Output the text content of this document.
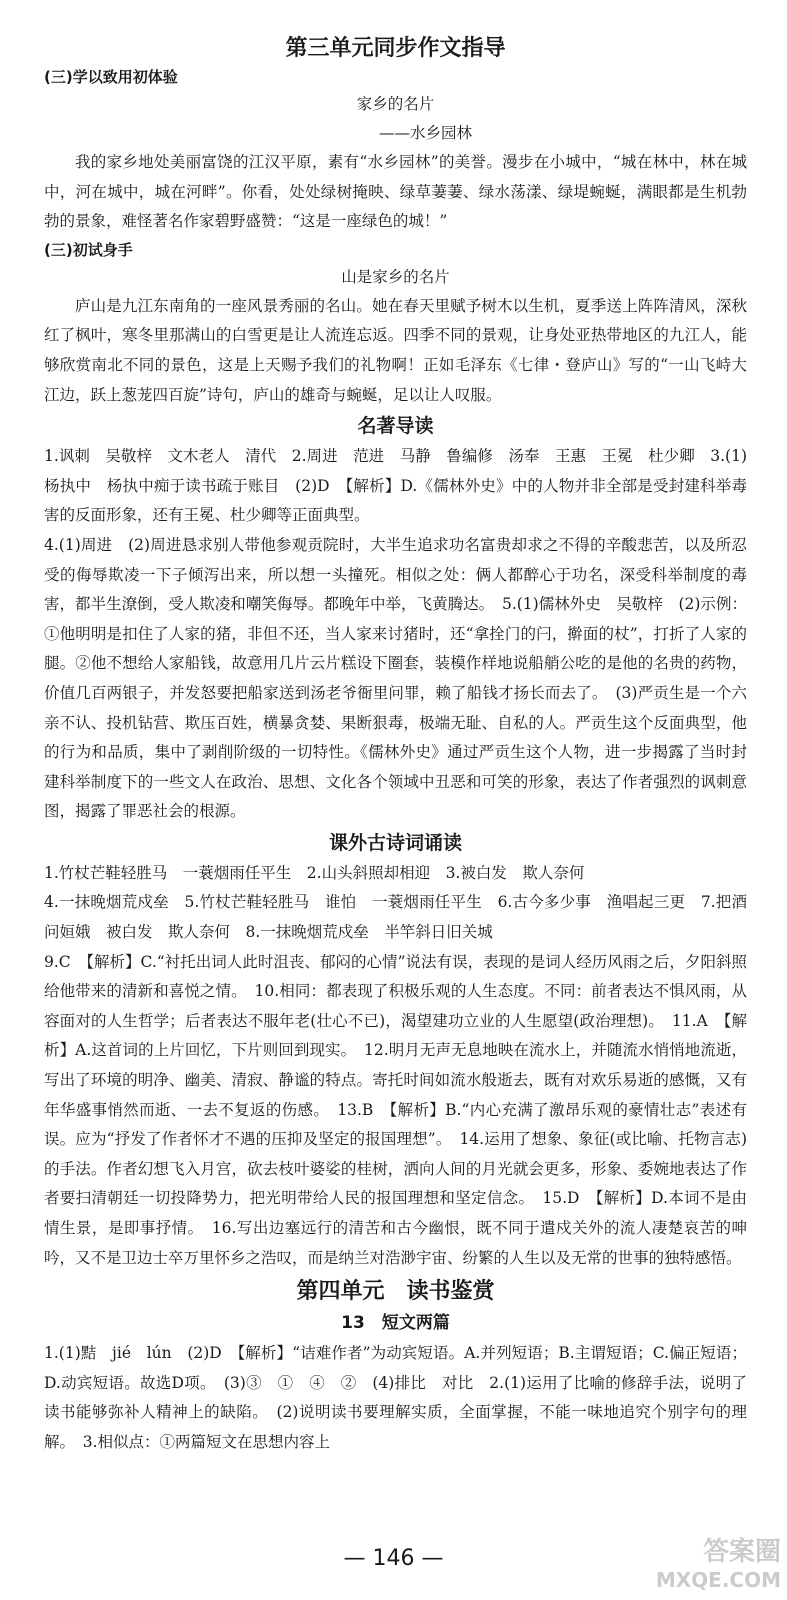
第三单元同步作文指导

(三)学以致用初体验

家乡的名片

——水乡园林

我的家乡地处美丽富饶的江汉平原，素有“水乡园林”的美誉。漫步在小城中，“城在林中，林在城中，河在城中，城在河畔”。你看，处处绿树掩映、绿草萋萋、绿水荡漾、绿堤蜿蜒，满眼都是生机勃勃的景象，难怪著名作家碧野盛赞：“这是一座绿色的城！”

(三)初试身手

山是家乡的名片

庐山是九江东南角的一座风景秀丽的名山。她在春天里赋予树木以生机，夏季送上阵阵清风，深秋红了枫叶，寒冬里那满山的白雪更是让人流连忘返。四季不同的景观，让身处亚热带地区的九江人，能够欣赏南北不同的景色，这是上天赐予我们的礼物啊！正如毛泽东《七律・登庐山》写的“一山飞峙大江边，跃上葱茏四百旋”诗句，庐山的雄奇与蜿蜒，足以让人叹服。

名著导读

1.讽刺　吴敬梓　文木老人　清代　2.周进　范进　马静　鲁编修　汤奉　王惠　王冕　杜少卿　3.(1)杨执中　杨执中痴于读书疏于账目　(2)D　【解析】D.《儒林外史》中的人物并非全部是受封建科举毒害的反面形象，还有王冕、杜少卿等正面典型。

4.(1)周进　(2)周进恳求别人带他参观贡院时，大半生追求功名富贵却求之不得的辛酸悲苦，以及所忍受的侮辱欺凌一下子倾泻出来，所以想一头撞死。相似之处：俩人都醉心于功名，深受科举制度的毒害，都半生潦倒，受人欺凌和嘲笑侮辱。都晚年中举，飞黄腾达。　5.(1)儒林外史　吴敬梓　(2)示例：①他明明是扣住了人家的猪，非但不还，当人家来讨猪时，还“拿拴门的闩，擀面的杖”，打折了人家的腿。②他不想给人家船钱，故意用几片云片糕设下圈套，装模作样地说船艄公吃的是他的名贵的药物，价值几百两银子，并发怒要把船家送到汤老爷衙里问罪，赖了船钱才扬长而去了。　(3)严贡生是一个六亲不认、投机钻营、欺压百姓，横暴贪婪、果断狠毒，极端无耻、自私的人。严贡生这个反面典型，他的行为和品质，集中了剥削阶级的一切特性。《儒林外史》通过严贡生这个人物，进一步揭露了当时封建科举制度下的一些文人在政治、思想、文化各个领域中丑恶和可笑的形象，表达了作者强烈的讽刺意图，揭露了罪恶社会的根源。

课外古诗词诵读

1.竹杖芒鞋轻胜马　一蓑烟雨任平生　2.山头斜照却相迎　3.被白发　欺人奈何

4.一抹晚烟荒戍垒　5.竹杖芒鞋轻胜马　谁怕　一蓑烟雨任平生　6.古今多少事　渔唱起三更　7.把酒问姮娥　被白发　欺人奈何　8.一抹晚烟荒戍垒　半竿斜日旧关城

9.C　【解析】C.“衬托出词人此时沮丧、郁闷的心情”说法有误，表现的是词人经历风雨之后，夕阳斜照给他带来的清新和喜悦之情。　10.相同：都表现了积极乐观的人生态度。不同：前者表达不惧风雨，从容面对的人生哲学；后者表达不服年老(壮心不已)，渴望建功立业的人生愿望(政治理想)。　11.A　【解析】A.这首词的上片回忆，下片则回到现实。　12.明月无声无息地映在流水上，并随流水悄悄地流逝，写出了环境的明净、幽美、清寂、静谧的特点。寄托时间如流水般逝去，既有对欢乐易逝的感慨，又有年华盛事悄然而逝、一去不复返的伤感。　13.B　【解析】B.“内心充满了激昂乐观的豪情壮志”表述有误。应为“抒发了作者怀才不遇的压抑及坚定的报国理想”。　14.运用了想象、象征(或比喻、托物言志)的手法。作者幻想飞入月宫，砍去枝叶婆娑的桂树，洒向人间的月光就会更多，形象、委婉地表达了作者要扫清朝廷一切投降势力，把光明带给人民的报国理想和坚定信念。　15.D　【解析】D.本词不是由情生景，是即事抒情。　16.写出边塞远行的清苦和古今幽恨，既不同于遣戍关外的流人凄楚哀苦的呻吟，又不是卫边士卒万里怀乡之浩叹，而是纳兰对浩渺宇宙、纷繁的人生以及无常的世事的独特感悟。

第四单元　读书鉴赏
13　短文两篇

1.(1)黠　jié　lún　(2)D　【解析】“诘难作者”为动宾短语。A.并列短语；B.主谓短语；C.偏正短语；D.动宾短语。故选D项。　(3)③　①　④　②　(4)排比　对比　2.(1)运用了比喻的修辞手法，说明了读书能够弥补人精神上的缺陷。　(2)说明读书要理解实质，全面掌握，不能一味地追究个别字句的理解。　3.相似点：①两篇短文在思想内容上

— 146 —	答案圈
MXQE.COM
